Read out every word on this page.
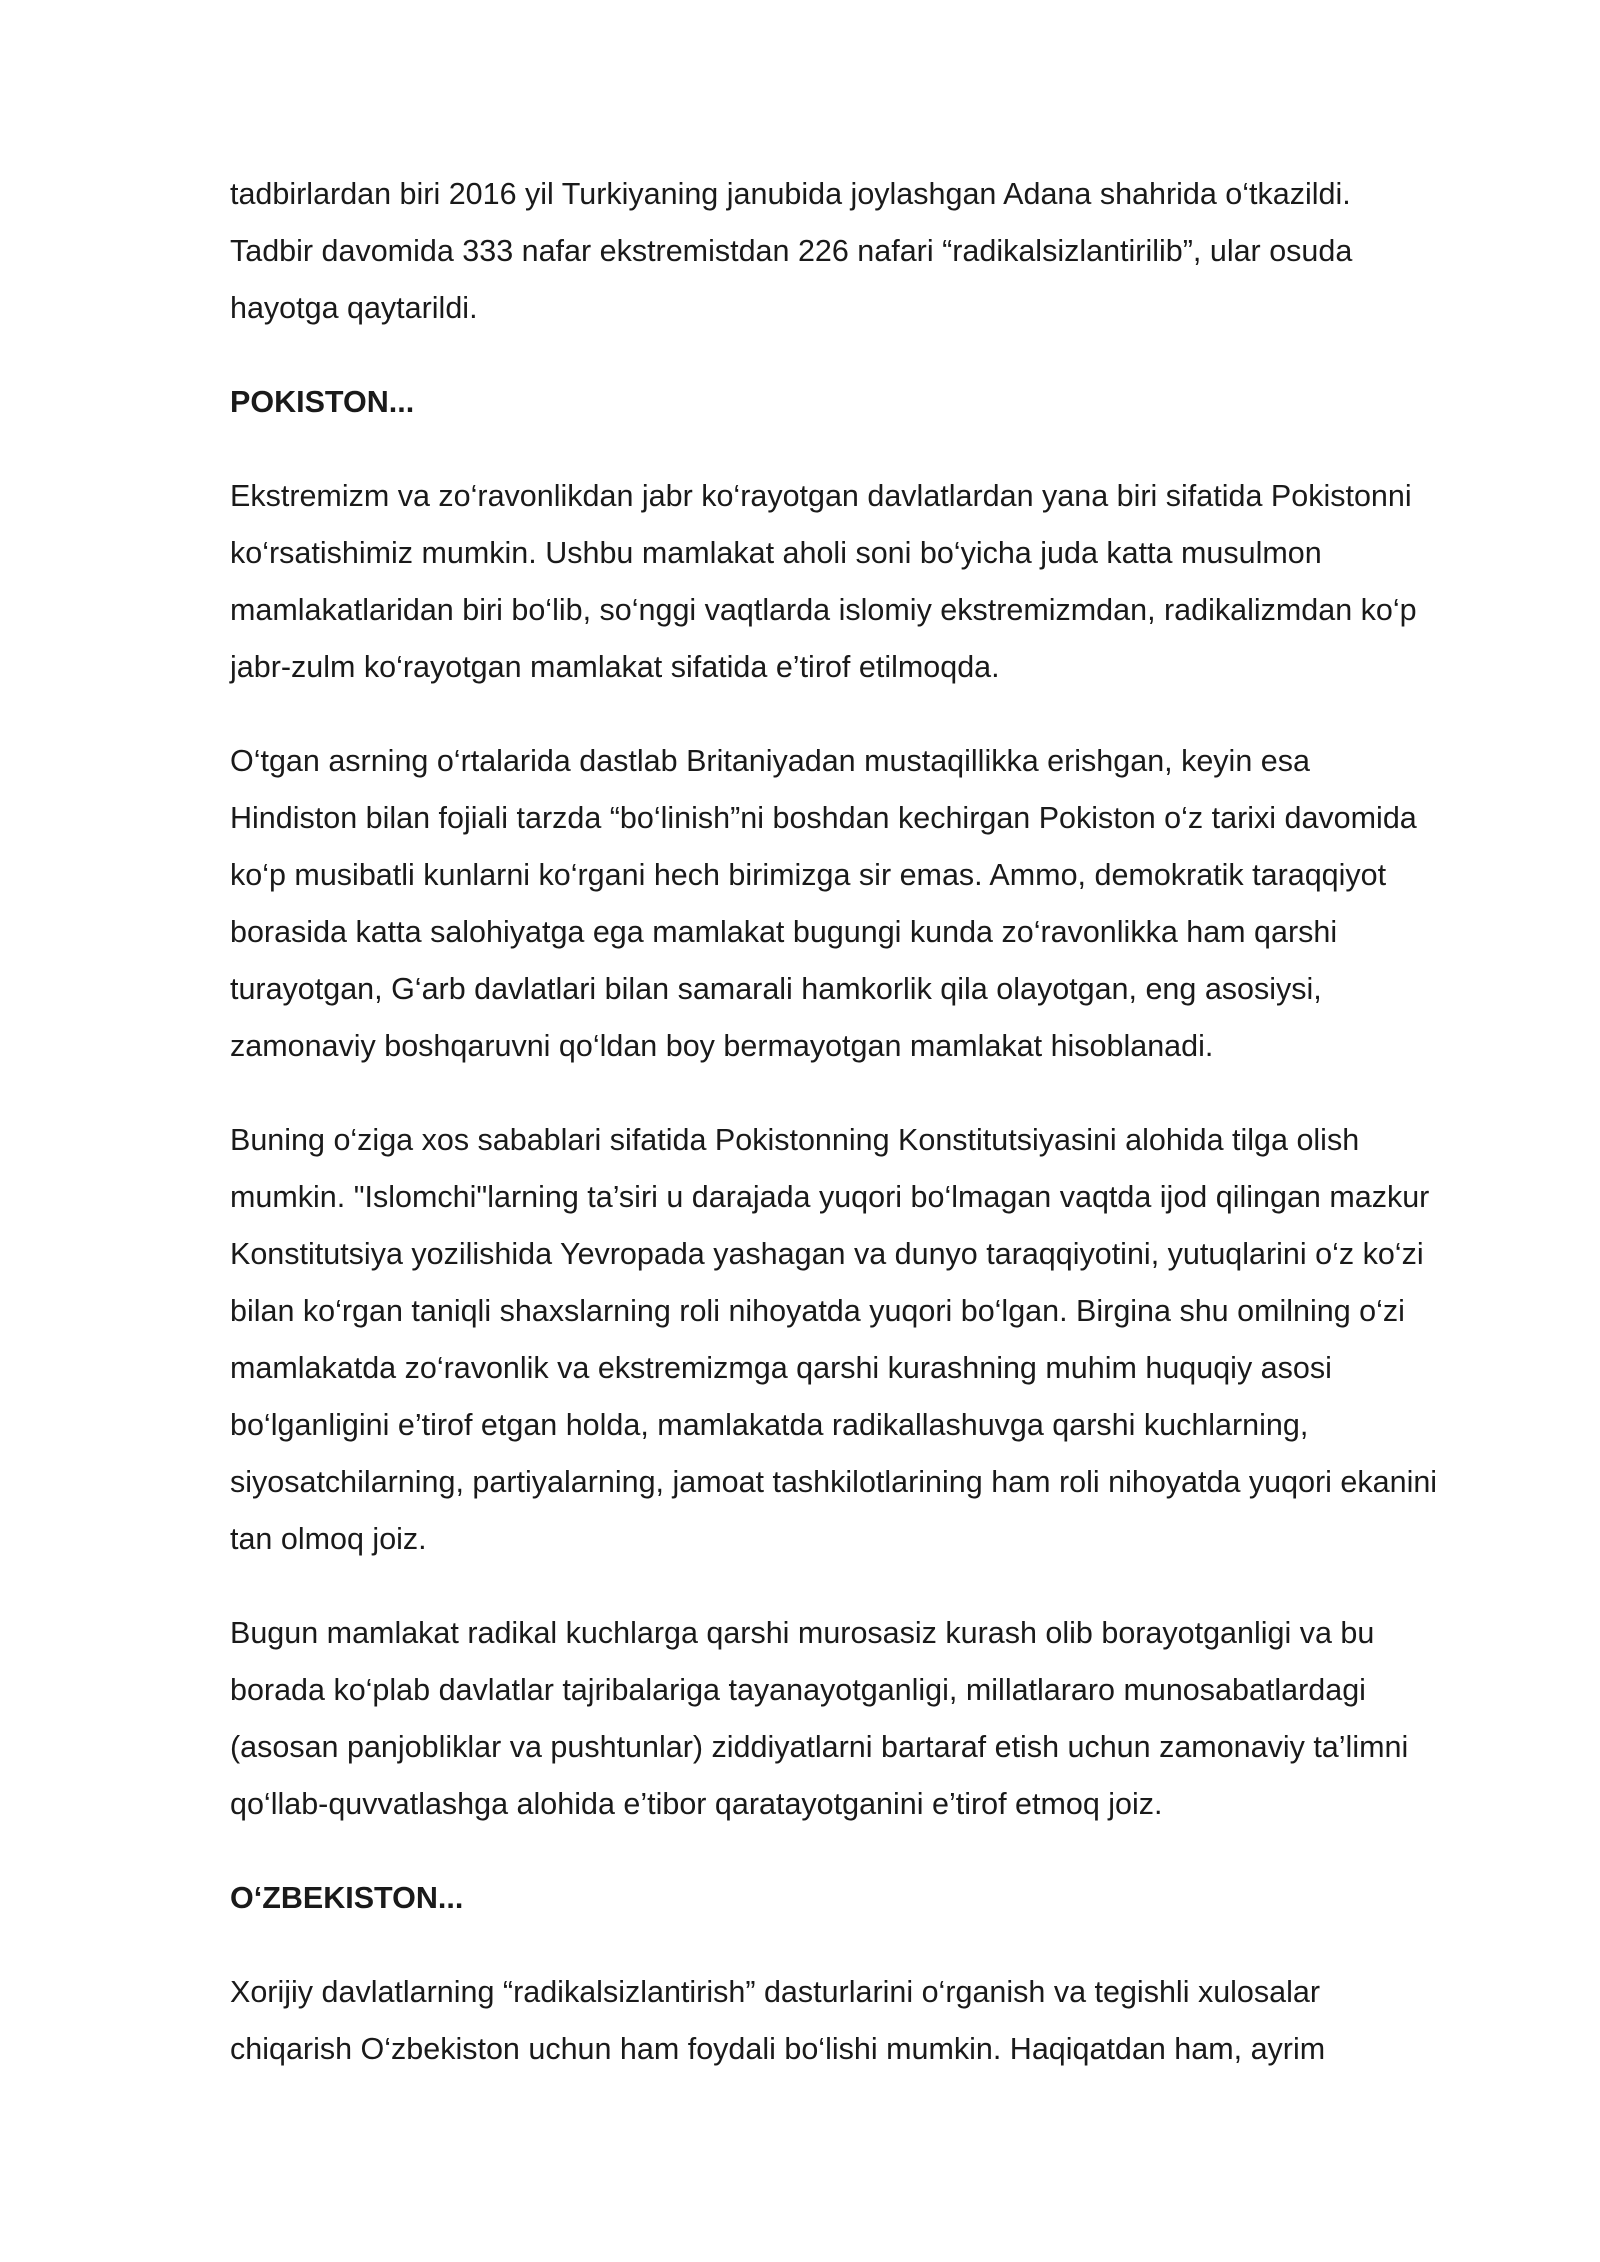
tadbirlardan biri 2016 yil Turkiyaning janubida joylashgan Adana shahrida o‘tkazildi.
Tadbir davomida 333 nafar ekstremistdan 226 nafari “radikalsizlantirilib”, ular osuda
hayotga qaytarildi.
POKISTON...
Ekstremizm va zo‘ravonlikdan jabr ko‘rayotgan davlatlardan yana biri sifatida Pokistonni
ko‘rsatishimiz mumkin. Ushbu mamlakat aholi soni bo‘yicha juda katta musulmon
mamlakatlaridan biri bo‘lib, so‘nggi vaqtlarda islomiy ekstremizmdan, radikalizmdan ko‘p
jabr-zulm ko‘rayotgan mamlakat sifatida e’tirof etilmoqda.
O‘tgan asrning o‘rtalarida dastlab Britaniyadan mustaqillikka erishgan, keyin esa
Hindiston bilan fojiali tarzda “bo‘linish”ni boshdan kechirgan Pokiston o‘z tarixi davomida
ko‘p musibatli kunlarni ko‘rgani hech birimizga sir emas. Ammo, demokratik taraqqiyot
borasida katta salohiyatga ega mamlakat bugungi kunda zo‘ravonlikka ham qarshi
turayotgan, G‘arb davlatlari bilan samarali hamkorlik qila olayotgan, eng asosiysi,
zamonaviy boshqaruvni qo‘ldan boy bermayotgan mamlakat hisoblanadi.
Buning o‘ziga xos sabablari sifatida Pokistonning Konstitutsiyasini alohida tilga olish
mumkin. "Islomchi"larning ta’siri u darajada yuqori bo‘lmagan vaqtda ijod qilingan mazkur
Konstitutsiya yozilishida Yevropada yashagan va dunyo taraqqiyotini, yutuqlarini o‘z ko‘zi
bilan ko‘rgan taniqli shaxslarning roli nihoyatda yuqori bo‘lgan. Birgina shu omilning o‘zi
mamlakatda zo‘ravonlik va ekstremizmga qarshi kurashning muhim huquqiy asosi
bo‘lganligini e’tirof etgan holda, mamlakatda radikallashuvga qarshi kuchlarning,
siyosatchilarning, partiyalarning, jamoat tashkilotlarining ham roli nihoyatda yuqori ekanini
tan olmoq joiz.
Bugun mamlakat radikal kuchlarga qarshi murosasiz kurash olib borayotganligi va bu
borada ko‘plab davlatlar tajribalariga tayanayotganligi, millatlararo munosabatlardagi
(asosan panjobliklar va pushtunlar) ziddiyatlarni bartaraf etish uchun zamonaviy ta’limni
qo‘llab-quvvatlashga alohida e’tibor qaratayotganini e’tirof etmoq joiz.
O‘ZBEKISTON...
Xorijiy davlatlarning “radikalsizlantirish” dasturlarini o‘rganish va tegishli xulosalar
chiqarish O‘zbekiston uchun ham foydali bo‘lishi mumkin. Haqiqatdan ham, ayrim
